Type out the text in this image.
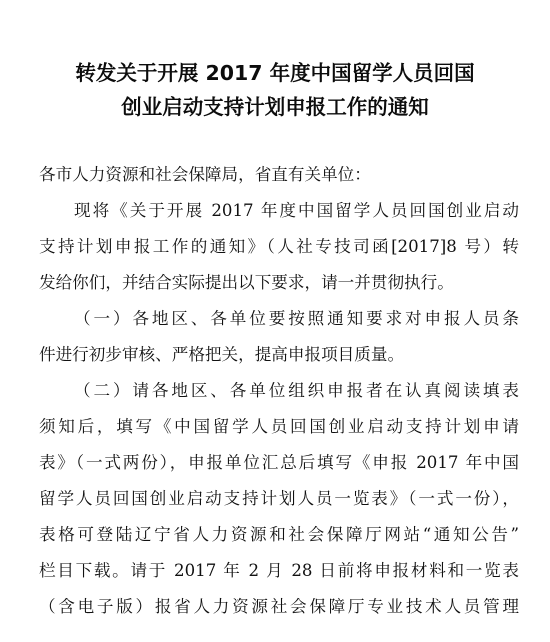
转发关于开展 2017 年度中国留学人员回国
创业启动支持计划申报工作的通知
各市人力资源和社会保障局，省直有关单位：
现将《关于开展 2017 年度中国留学人员回国创业启动
支持计划申报工作的通知》（人社专技司函[2017]8 号）转
发给你们，并结合实际提出以下要求，请一并贯彻执行。
（一）各地区、各单位要按照通知要求对申报人员条
件进行初步审核、严格把关，提高申报项目质量。
（二）请各地区、各单位组织申报者在认真阅读填表
须知后，填写《中国留学人员回国创业启动支持计划申请
表》（一式两份），申报单位汇总后填写《申报 2017 年中国
留学人员回国创业启动支持计划人员一览表》（一式一份），
表格可登陆辽宁省人力资源和社会保障厅网站“通知公告”
栏目下载。请于 2017 年 2 月 28 日前将申报材料和一览表
（含电子版）报省人力资源社会保障厅专业技术人员管理
